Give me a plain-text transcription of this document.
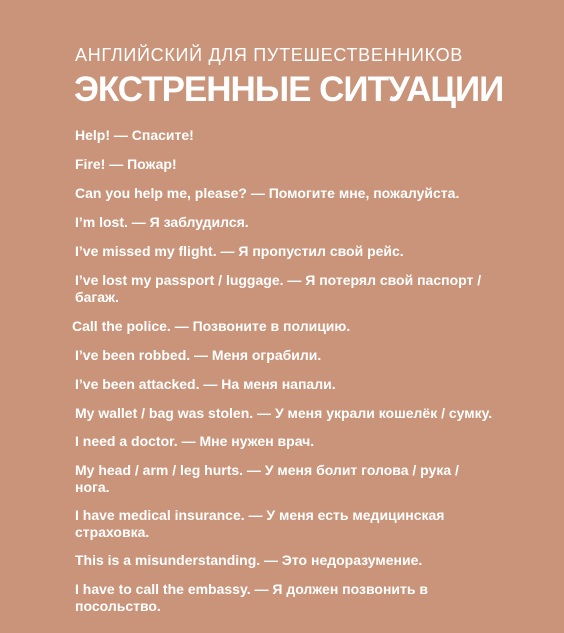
АНГЛИЙСКИЙ ДЛЯ ПУТЕШЕСТВЕННИКОВ
ЭКСТРЕННЫЕ СИТУАЦИИ
Help! — Спасите!
Fire! — Пожар!
Can you help me, please? — Помогите мне, пожалуйста.
I’m lost. — Я заблудился.
I’ve missed my flight. — Я пропустил свой рейс.
I’ve lost my passport / luggage. — Я потерял свой паспорт / багаж.
Call the police. — Позвоните в полицию.
I’ve been robbed. — Меня ограбили.
I’ve been attacked. — На меня напали.
My wallet / bag was stolen. — У меня украли кошелёк / сумку.
I need a doctor. — Мне нужен врач.
My head / arm / leg hurts. — У меня болит голова / рука / нога.
I have medical insurance. — У меня есть медицинская страховка.
This is a misunderstanding. — Это недоразумение.
I have to call the embassy. — Я должен позвонить в посольство.
